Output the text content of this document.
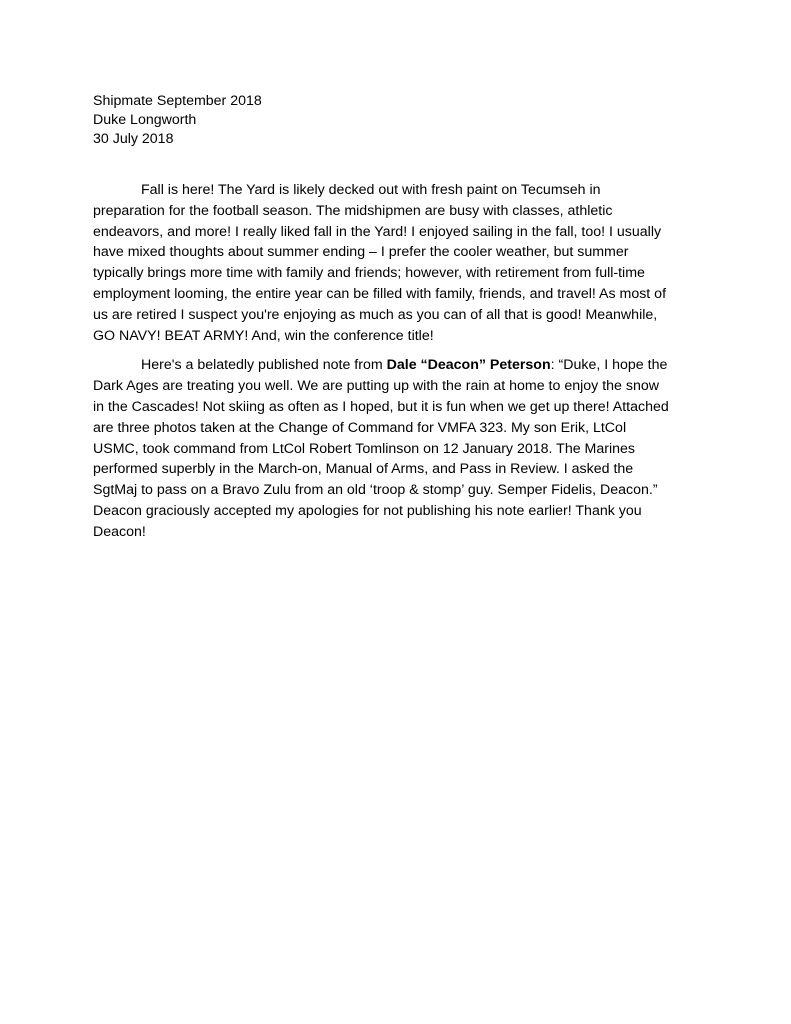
Shipmate September 2018
Duke Longworth
30 July 2018

Fall is here! The Yard is likely decked out with fresh paint on Tecumseh in preparation for the football season. The midshipmen are busy with classes, athletic endeavors, and more! I really liked fall in the Yard! I enjoyed sailing in the fall, too! I usually have mixed thoughts about summer ending – I prefer the cooler weather, but summer typically brings more time with family and friends; however, with retirement from full-time employment looming, the entire year can be filled with family, friends, and travel! As most of us are retired I suspect you're enjoying as much as you can of all that is good! Meanwhile, GO NAVY! BEAT ARMY! And, win the conference title!

Here's a belatedly published note from Dale “Deacon” Peterson: “Duke, I hope the Dark Ages are treating you well. We are putting up with the rain at home to enjoy the snow in the Cascades! Not skiing as often as I hoped, but it is fun when we get up there! Attached are three photos taken at the Change of Command for VMFA 323. My son Erik, LtCol USMC, took command from LtCol Robert Tomlinson on 12 January 2018. The Marines performed superbly in the March-on, Manual of Arms, and Pass in Review. I asked the SgtMaj to pass on a Bravo Zulu from an old ‘troop & stomp’ guy. Semper Fidelis, Deacon.” Deacon graciously accepted my apologies for not publishing his note earlier! Thank you Deacon!
